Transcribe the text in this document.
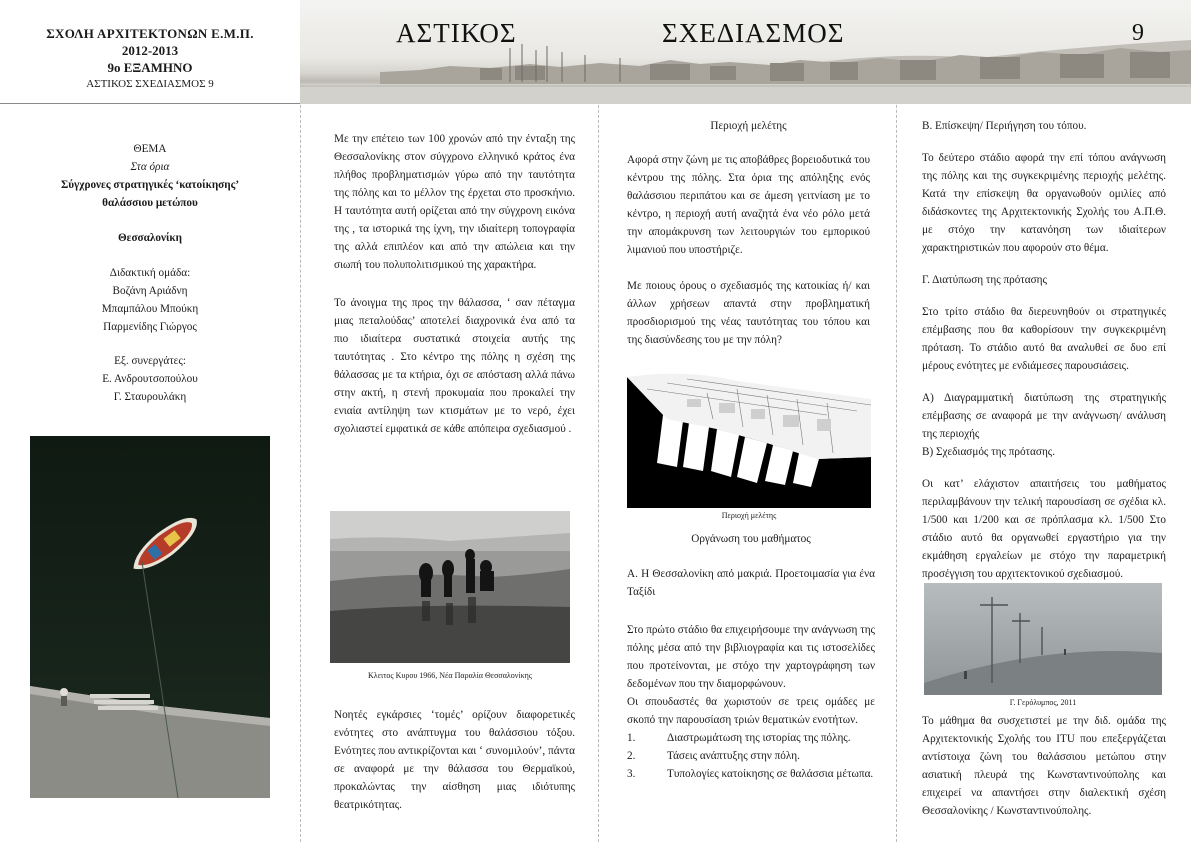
ΣΧΟΛΗ ΑΡΧΙΤΕΚΤΟΝΩΝ Ε.Μ.Π.
2012-2013
9o ΕΞΑΜΗΝΟ
ΑΣΤΙΚΟΣ ΣΧΕΔΙΑΣΜΟΣ 9
ΑΣΤΙΚΟΣ	ΣΧΕΔΙΑΣΜΟΣ	9
ΘΕΜΑ
Στα όρια
Σύγχρονες στρατηγικές ‘κατοίκησης’
θαλάσσιου μετώπου
Θεσσαλονίκη
Διδακτική ομάδα:
Βοζάνη Αριάδνη
Μπαμπάλου Μπούκη
Παρμενίδης Γιώργος
Εξ. συνεργάτες:
Ε. Ανδρουτσοπούλου
Γ. Σταυρουλάκη

Με την επέτειο των 100 χρονών από την ένταξη της Θεσσαλονίκης στον σύγχρονο ελληνικό κράτος ένα πλήθος προβληματισμών γύρω από την ταυτότητα της πόλης και το μέλλον της έρχεται στο προσκήνιο. Η ταυτότητα αυτή ορίζεται από την σύγχρονη εικόνα της , τα ιστορικά της ίχνη, την ιδιαίτερη τοπογραφία της αλλά επιπλέον και από την απώλεια και την σιωπή του πολυπολιτισμικού της χαρακτήρα.

Το άνοιγμα της προς την θάλασσα, ‘ σαν πέταγμα μιας πεταλούδας’ αποτελεί διαχρονικά ένα από τα πιο ιδιαίτερα συστατικά στοιχεία αυτής της ταυτότητας . Στο κέντρο της πόλης η σχέση της θάλασσας με τα κτήρια, όχι σε απόσταση αλλά πάνω στην ακτή, η στενή προκυμαία που προκαλεί την ενιαία αντίληψη των κτισμάτων με το νερό, έχει σχολιαστεί εμφατικά σε κάθε απόπειρα σχεδιασμού .

Κλειτος Κυρου 1966, Νέα Παραλία Θεσσαλονίκης

Νοητές εγκάρσιες ‘τομές’ ορίζουν διαφορετικές ενότητες στο ανάπτυγμα του θαλάσσιου τόξου. Ενότητες που αντικρίζονται και ‘ συνομιλούν’, πάντα σε αναφορά με την θάλασσα του Θερμαϊκού, προκαλώντας την αίσθηση μιας ιδιότυπης θεατρικότητας.

Περιοχή μελέτης

Αφορά στην ζώνη με τις αποβάθρες βορειοδυτικά του κέντρου της πόλης. Στα όρια της απόληξης ενός θαλάσσιου περιπάτου και σε άμεση γειτνίαση με το κέντρο, η περιοχή αυτή αναζητά ένα νέο ρόλο μετά την απομάκρυνση των λειτουργιών του εμπορικού λιμανιού που υποστήριζε.

Με ποιους όρους ο σχεδιασμός της κατοικίας ή/ και άλλων χρήσεων απαντά στην προβληματική προσδιορισμού της νέας ταυτότητας του τόπου και της διασύνδεσης του με την πόλη?

Περιοχή μελέτης
Οργάνωση του μαθήματος

Α. Η Θεσσαλονίκη από μακριά. Προετοιμασία για ένα Ταξίδι

Στο πρώτο στάδιο θα επιχειρήσουμε την ανάγνωση της πόλης μέσα από την βιβλιογραφία και τις ιστοσελίδες που προτείνονται, με στόχο την χαρτογράφηση των δεδομένων που την διαμορφώνουν.

Οι σπουδαστές θα χωριστούν σε τρεις ομάδες με σκοπό την παρουσίαση τριών θεματικών ενοτήτων.

1.	Διαστρωμάτωση της ιστορίας της πόλης.
2.	Τάσεις ανάπτυξης στην πόλη.
3.	Τυπολογίες κατοίκησης σε θαλάσσια μέτωπα.

Β. Επίσκεψη/ Περιήγηση του τόπου.

Το δεύτερο στάδιο αφορά την επί τόπου ανάγνωση της πόλης και της συγκεκριμένης περιοχής μελέτης. Κατά την επίσκεψη θα οργανωθούν ομιλίες από διδάσκοντες της Αρχιτεκτονικής Σχολής του Α.Π.Θ. με στόχο την κατανόηση των ιδιαίτερων χαρακτηριστικών που αφορούν στο θέμα.

Γ. Διατύπωση της πρότασης

Στο τρίτο στάδιο θα διερευνηθούν οι στρατηγικές επέμβασης που θα καθορίσουν την συγκεκριμένη πρόταση. Το στάδιο αυτό θα αναλυθεί σε δυο επί μέρους ενότητες με ενδιάμεσες παρουσιάσεις.

Α) Διαγραμματική διατύπωση της στρατηγικής επέμβασης σε αναφορά με την ανάγνωση/ ανάλυση της περιοχής

Β) Σχεδιασμός της πρότασης.

Οι κατ’ ελάχιστον απαιτήσεις του μαθήματος περιλαμβάνουν την τελική παρουσίαση σε σχέδια κλ. 1/500 και 1/200 και σε πρόπλασμα κλ. 1/500 Στο στάδιο αυτό θα οργανωθεί εργαστήριο για την εκμάθηση εργαλείων με στόχο την παραμετρική προσέγγιση του αρχιτεκτονικού σχεδιασμού.

Γ. Γερόλυμπος, 2011

Το μάθημα θα συσχετιστεί με την διδ. ομάδα της Αρχιτεκτονικής Σχολής του ITU που επεξεργάζεται αντίστοιχα ζώνη του θαλάσσιου μετώπου στην ασιατική πλευρά της Κωνσταντινούπολης και επιχειρεί να απαντήσει στην διαλεκτική σχέση Θεσσαλονίκης / Κωνσταντινούπολης.
